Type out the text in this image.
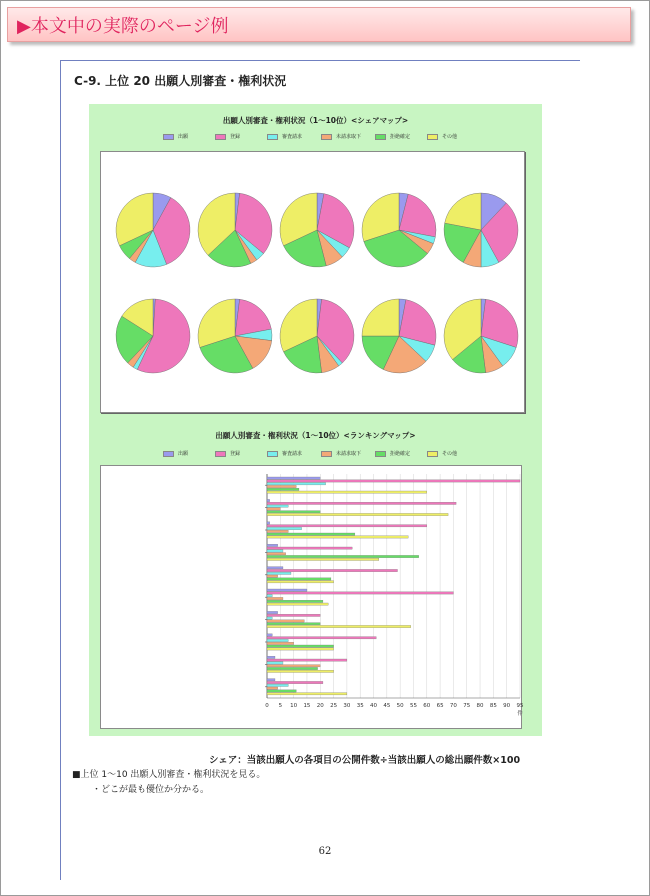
▶本文中の実際のページ例
C-9. 上位 20 出願人別審査・権利状況
出願人別審査・権利状況（1～10位）<シェアマップ>
出願	登録	審査請求	未請求取下	拒絶確定	その他
出願人別審査・権利状況（1～10位）<ランキングマップ>
出願	登録	審査請求	未請求取下	拒絶確定	その他
0 5 10 15 20 25 30 35 40 45 50 55 60 65 70 75 80 85 90 95
件
シェア：当該出願人の各項目の公開件数÷当該出願人の総出願件数×100
■上位 1～10 出願人別審査・権利状況を見る。
・どこが最も優位か分かる。
62
